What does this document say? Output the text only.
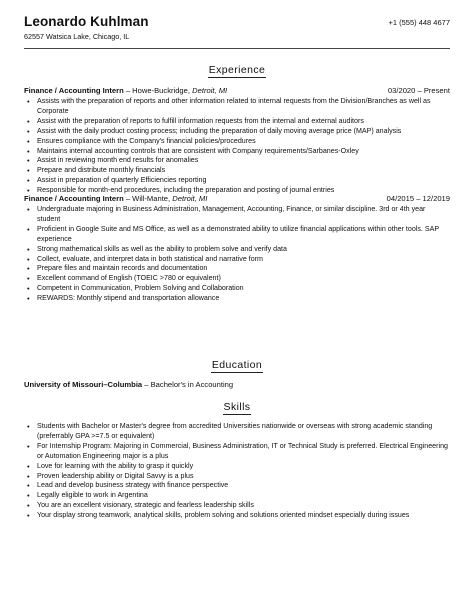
Leonardo Kuhlman	+1 (555) 448 4677
62557 Watsica Lake, Chicago, IL
Experience
Finance / Accounting Intern – Howe-Buckridge, Detroit, MI	03/2020 – Present
• Assists with the preparation of reports and other information related to internal requests from the Division/Branches as well as Corporate
• Assist with the preparation of reports to fulfill information requests from the internal and external auditors
• Assist with the daily product costing process; including the preparation of daily moving average price (MAP) analysis
• Ensures compliance with the Company's financial policies/procedures
• Maintains internal accounting controls that are consistent with Company requirements/Sarbanes-Oxley
• Assist in reviewing month end results for anomalies
• Prepare and distribute monthly financials
• Assist in preparation of quarterly Efficiencies reporting
• Responsible for month-end procedures, including the preparation and posting of journal entries
Finance / Accounting Intern – Will-Mante, Detroit, MI	04/2015 – 12/2019
• Undergraduate majoring in Business Administration, Management, Accounting, Finance, or similar discipline. 3rd or 4th year student
• Proficient in Google Suite and MS Office, as well as a demonstrated ability to utilize financial applications within other tools. SAP experience
• Strong mathematical skills as well as the ability to problem solve and verify data
• Collect, evaluate, and interpret data in both statistical and narrative form
• Prepare files and maintain records and documentation
• Excellent command of English (TOEIC >780 or equivalent)
• Competent in Communication, Problem Solving and Collaboration
• REWARDS: Monthly stipend and transportation allowance
Education
University of Missouri–Columbia – Bachelor's in Accounting
Skills
• Students with Bachelor or Master's degree from accredited Universities nationwide or overseas with strong academic standing (preferrably GPA >=7.5 or equivalent)
• For Internship Program: Majoring in Commercial, Business Administration, IT or Technical Study is preferred. Electrical Engineering or Automation Engineering major is a plus
• Love for learning with the ability to grasp it quickly
• Proven leadership ability or Digital Savvy is a plus
• Lead and develop business strategy with finance perspective
• Legally eligible to work in Argentina
• You are an excellent visionary, strategic and fearless leadership skills
• Your display strong teamwork, analytical skills, problem solving and solutions oriented mindset especially during issues
